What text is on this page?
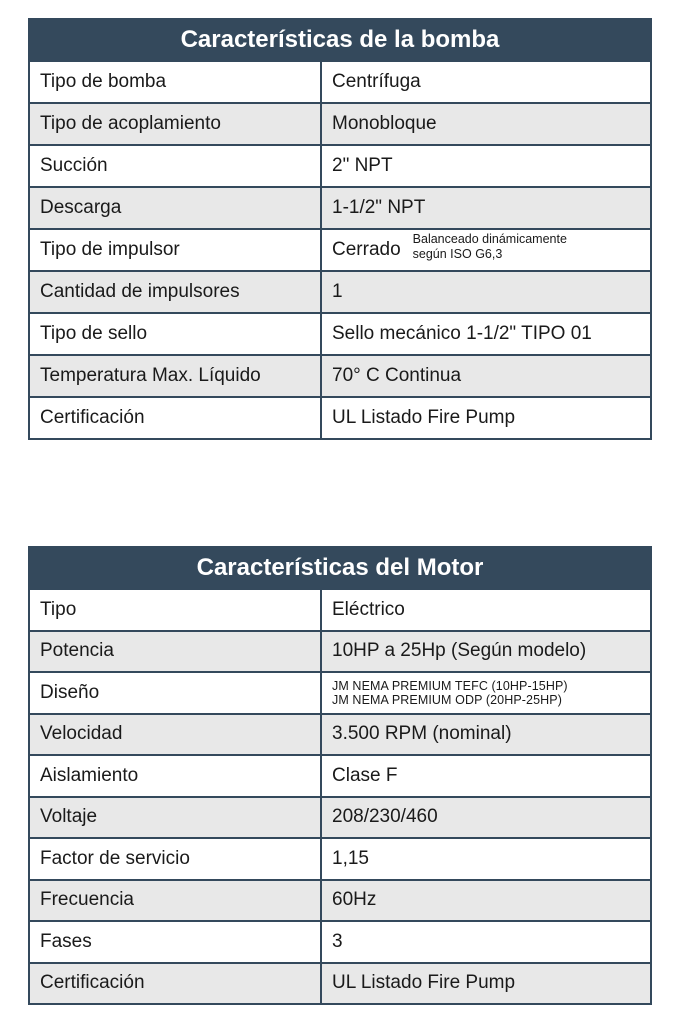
Características de la bomba
Tipo de bomba	Centrífuga
Tipo de acoplamiento	Monobloque
Succión	2" NPT
Descarga	1-1/2" NPT
Tipo de impulsor	Cerrado Balanceado dinámicamente
según ISO G6,3
Cantidad de impulsores	1
Tipo de sello	Sello mecánico 1-1/2" TIPO 01
Temperatura Max. Líquido	70° C Continua
Certificación	UL Listado Fire Pump
Características del Motor
Tipo	Eléctrico
Potencia	10HP a 25Hp (Según modelo)
Diseño	JM NEMA PREMIUM TEFC (10HP-15HP)
JM NEMA PREMIUM ODP (20HP-25HP)
Velocidad	3.500 RPM (nominal)
Aislamiento	Clase F
Voltaje	208/230/460
Factor de servicio	1,15
Frecuencia	60Hz
Fases	3
Certificación	UL Listado Fire Pump
